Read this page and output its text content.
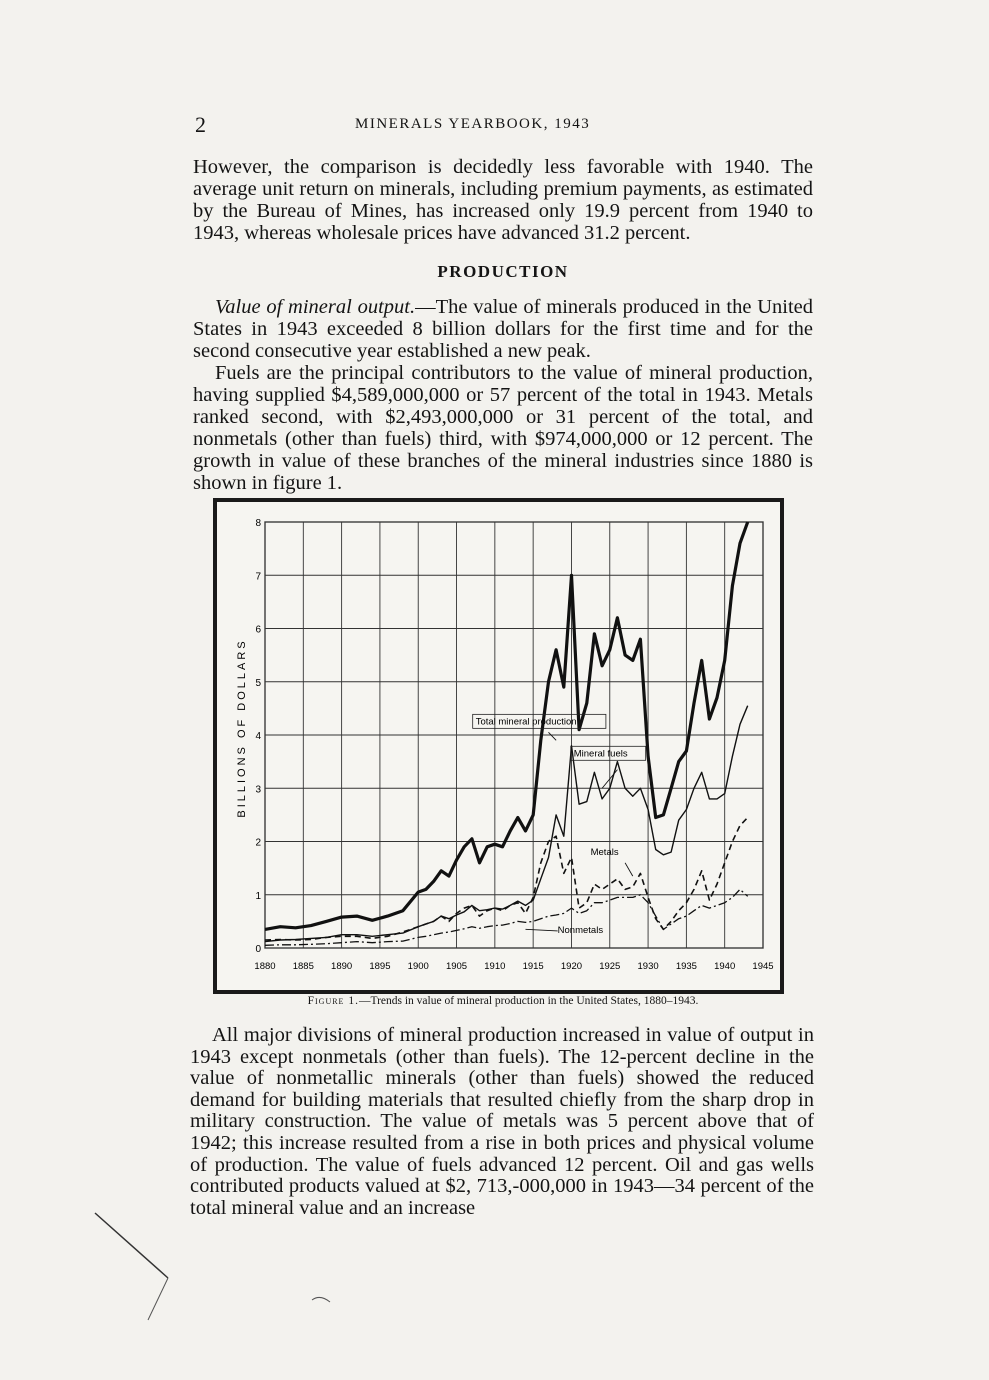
2	MINERALS YEARBOOK, 1943

However, the comparison is decidedly less favorable with 1940. The average unit return on minerals, including premium payments, as estimated by the Bureau of Mines, has increased only 19.9 percent from 1940 to 1943, whereas wholesale prices have advanced 31.2 percent.

PRODUCTION

Value of mineral output.—The value of minerals produced in the United States in 1943 exceeded 8 billion dollars for the first time and for the second consecutive year established a new peak.

Fuels are the principal contributors to the value of mineral production, having supplied $4,589,000,000 or 57 percent of the total in 1943. Metals ranked second, with $2,493,000,000 or 31 percent of the total, and nonmetals (other than fuels) third, with $974,000,000 or 12 percent. The growth in value of these branches of the mineral industries since 1880 is shown in figure 1.

1880 1885 1890 1895 1900 1905 1910 1915 1920 1925 1930 1935 1940 1945
0
1
2
3
4
5
6
7
8
BILLIONS OF DOLLARS	Total mineral production
Mineral fuels
Metals
Nonmetals
Figure 1.—Trends in value of mineral production in the United States, 1880–1943.

All major divisions of mineral production increased in value of output in 1943 except nonmetals (other than fuels). The 12-percent decline in the value of nonmetallic minerals (other than fuels) showed the reduced demand for building materials that resulted chiefly from the sharp drop in military construction. The value of metals was 5 percent above that of 1942; this increase resulted from a rise in both prices and physical volume of production. The value of fuels advanced 12 percent. Oil and gas wells contributed products valued at $2, 713,-000,000 in 1943—34 percent of the total mineral value and an increase
